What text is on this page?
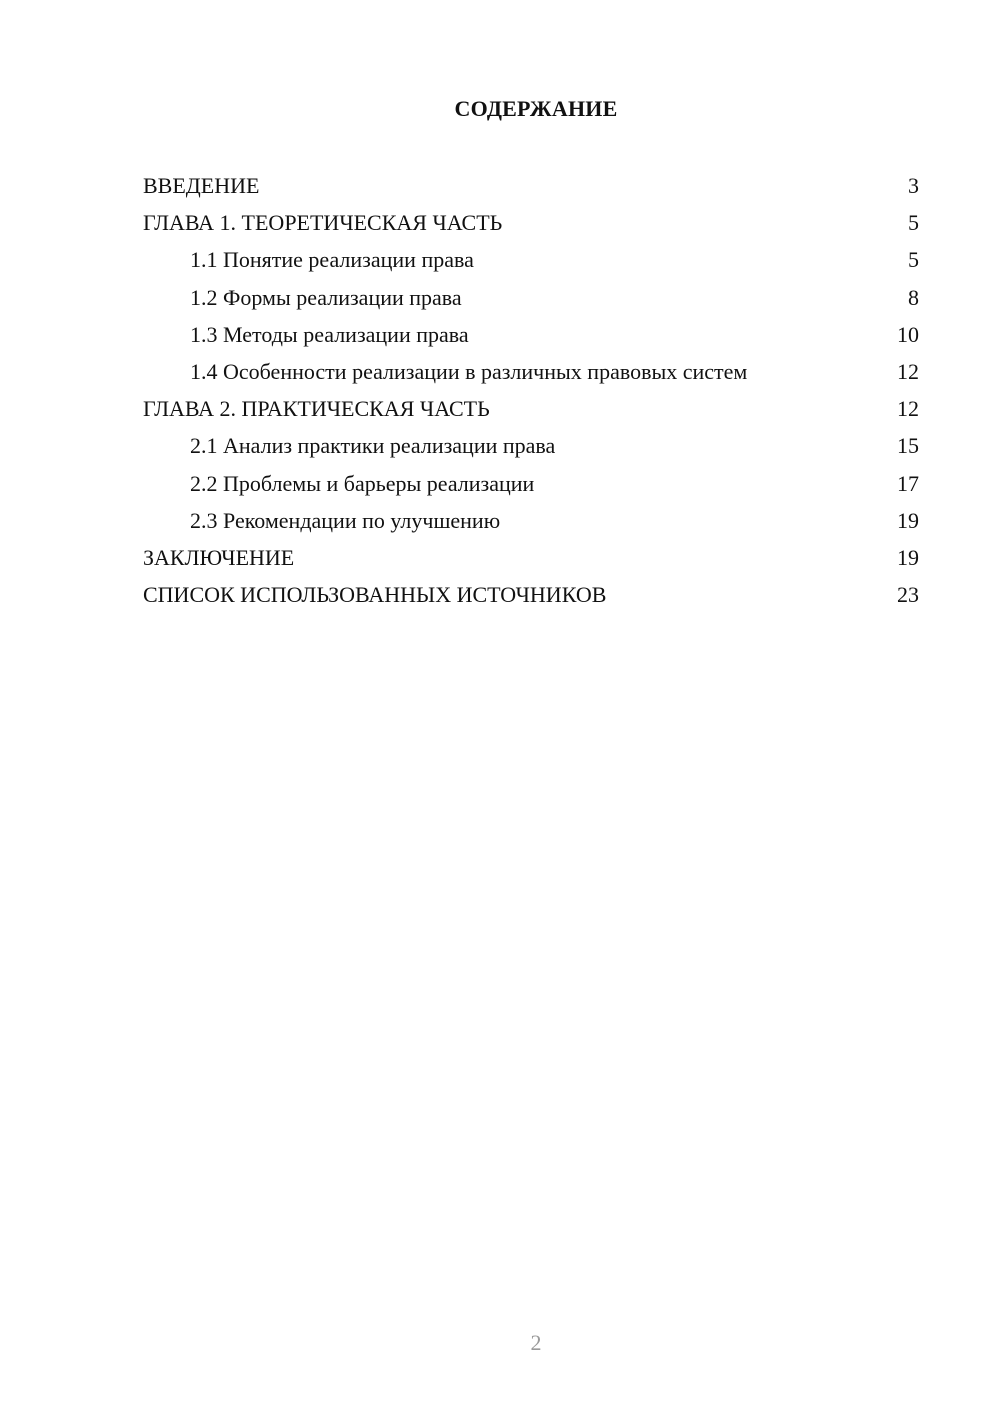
СОДЕРЖАНИЕ
ВВЕДЕНИЕ	3
ГЛАВА 1. ТЕОРЕТИЧЕСКАЯ ЧАСТЬ	5
1.1 Понятие реализации права	5
1.2 Формы реализации права	8
1.3 Методы реализации права	10
1.4 Особенности реализации в различных правовых систем	12
ГЛАВА 2. ПРАКТИЧЕСКАЯ ЧАСТЬ	12
2.1 Анализ практики реализации права	15
2.2 Проблемы и барьеры реализации	17
2.3 Рекомендации по улучшению	19
ЗАКЛЮЧЕНИЕ	19
СПИСОК ИСПОЛЬЗОВАННЫХ ИСТОЧНИКОВ	23
2
